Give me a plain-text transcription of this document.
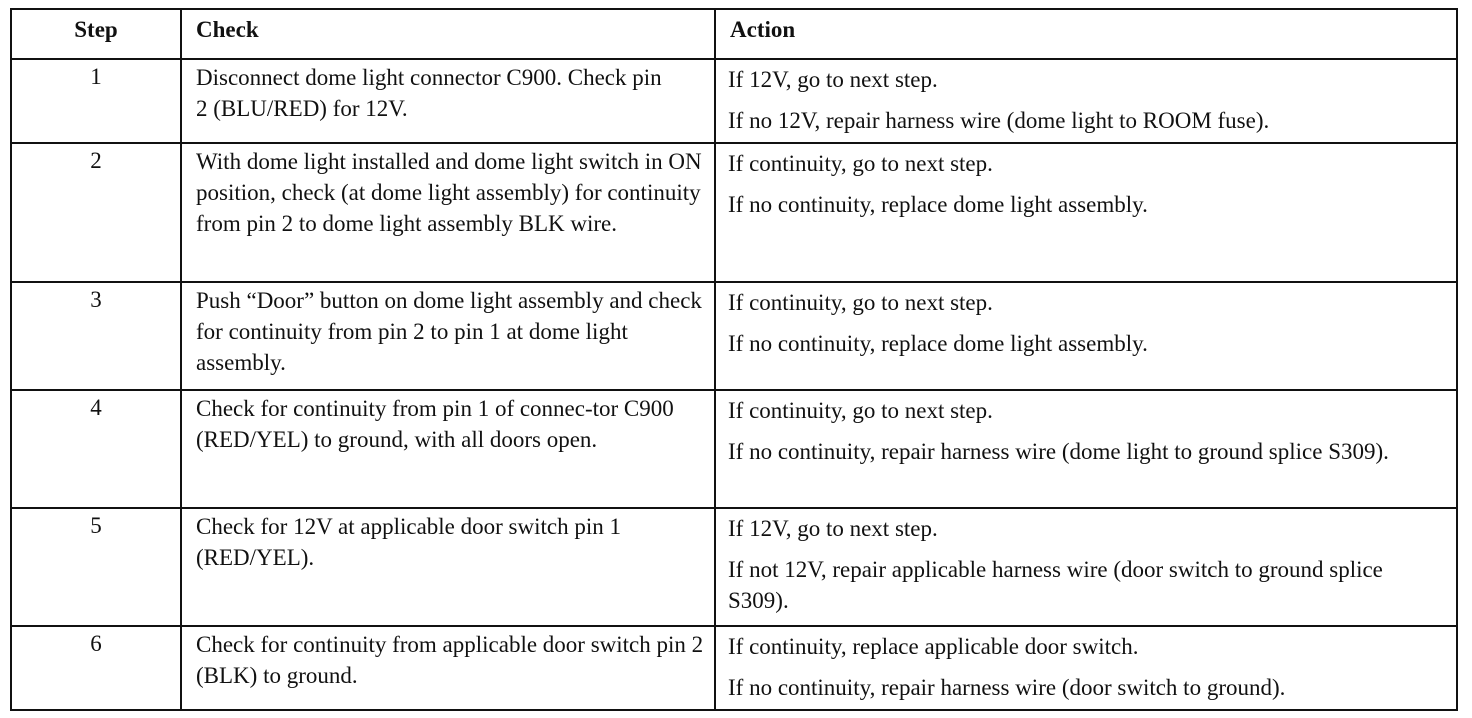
Step	Check	Action
1	Disconnect dome light connector C900. Check pin 2 (BLU/RED) for 12V.	If 12V, go to next step.
If no 12V, repair harness wire (dome light to ROOM fuse).

2	With dome light installed and dome light switch in ON position, check (at dome light assembly) for continuity from pin 2 to dome light assembly BLK wire.	If continuity, go to next step.
If no continuity, replace dome light assembly.

3	Push “Door” button on dome light assembly and check for continuity from pin 2 to pin 1 at dome light assembly.	If continuity, go to next step.
If no continuity, replace dome light assembly.

4	Check for continuity from pin 1 of connec-tor C900 (RED/YEL) to ground, with all doors open.	If continuity, go to next step.
If no continuity, repair harness wire (dome light to ground splice S309).

5	Check for 12V at applicable door switch pin 1 (RED/YEL).	If 12V, go to next step.
If not 12V, repair applicable harness wire (door switch to ground splice S309).

6	Check for continuity from applicable door switch pin 2 (BLK) to ground.	If continuity, replace applicable door switch.
If no continuity, repair harness wire (door switch to ground).
